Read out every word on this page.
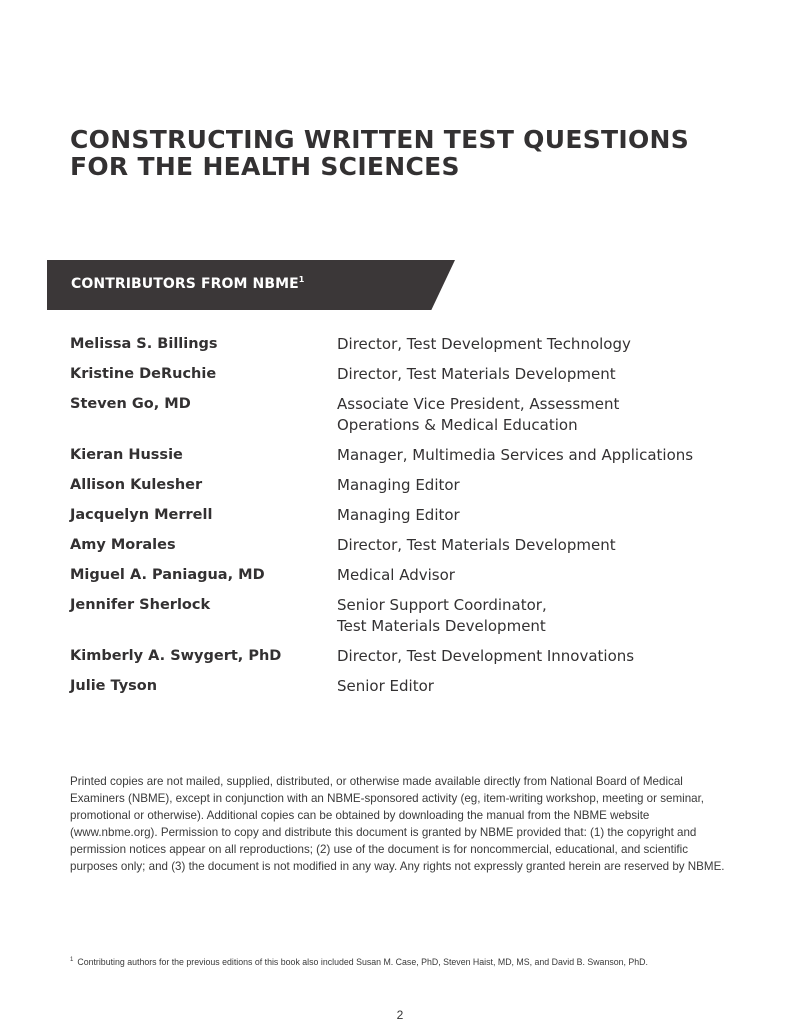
CONSTRUCTING WRITTEN TEST QUESTIONS
FOR THE HEALTH SCIENCES
CONTRIBUTORS FROM NBME$^1$
Melissa S. Billings	Director, Test Development Technology
Kristine DeRuchie	Director, Test Materials Development
Steven Go, MD	Associate Vice President, Assessment
Operations & Medical Education
Kieran Hussie	Manager, Multimedia Services and Applications
Allison Kulesher	Managing Editor
Jacquelyn Merrell	Managing Editor
Amy Morales	Director, Test Materials Development
Miguel A. Paniagua, MD	Medical Advisor
Jennifer Sherlock	Senior Support Coordinator,
Test Materials Development
Kimberly A. Swygert, PhD	Director, Test Development Innovations
Julie Tyson	Senior Editor

Printed copies are not mailed, supplied, distributed, or otherwise made available directly from National Board of Medical Examiners (NBME), except in conjunction with an NBME-sponsored activity (eg, item-writing workshop, meeting or seminar, promotional or otherwise). Additional copies can be obtained by downloading the manual from the NBME website (www.nbme.org). Permission to copy and distribute this document is granted by NBME provided that: (1) the copyright and permission notices appear on all reproductions; (2) use of the document is for noncommercial, educational, and scientific purposes only; and (3) the document is not modified in any way. Any rights not expressly granted herein are reserved by NBME.

$^1$ Contributing authors for the previous editions of this book also included Susan M. Case, PhD, Steven Haist, MD, MS, and David B. Swanson, PhD.

2
